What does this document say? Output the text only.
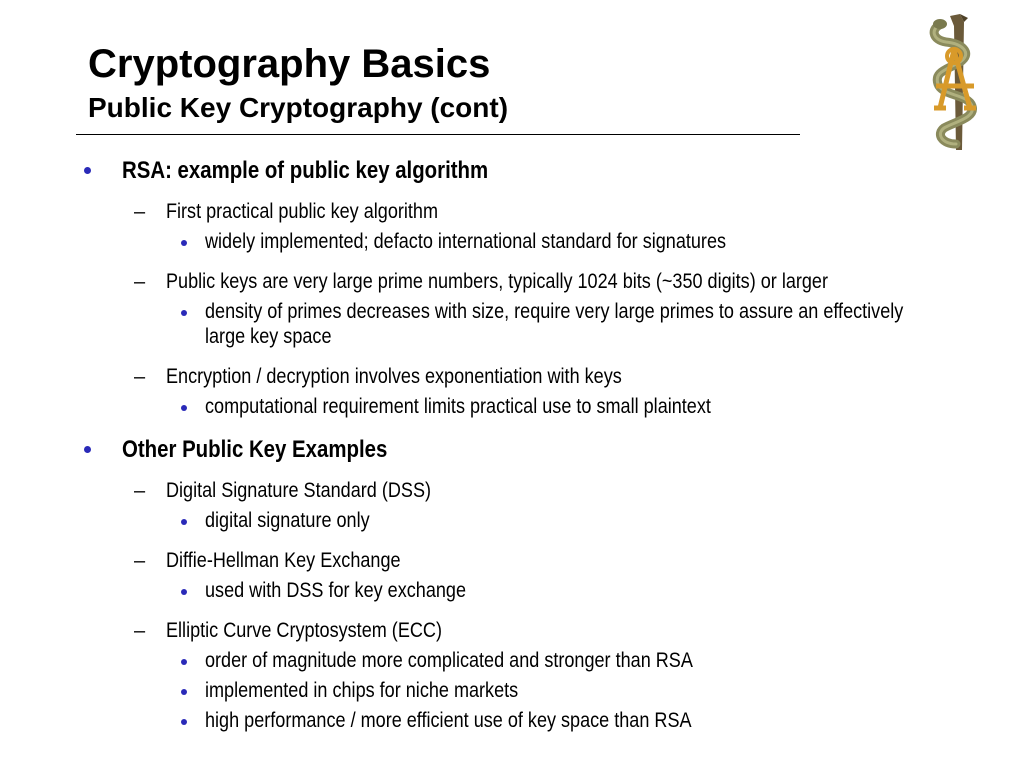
Cryptography Basics
Public Key Cryptography (cont)
RSA: example of public key algorithm
– First practical public key algorithm
widely implemented; defacto international standard for signatures
– Public keys are very large prime numbers, typically 1024 bits (~350 digits) or larger
density of primes decreases with size, require very large primes to assure an effectively large key space
– Encryption / decryption involves exponentiation with keys
computational requirement limits practical use to small plaintext
Other Public Key Examples
– Digital Signature Standard (DSS)
digital signature only
– Diffie-Hellman Key Exchange
used with DSS for key exchange
– Elliptic Curve Cryptosystem (ECC)
order of magnitude more complicated and stronger than RSA
implemented in chips for niche markets
high performance / more efficient use of key space than RSA
